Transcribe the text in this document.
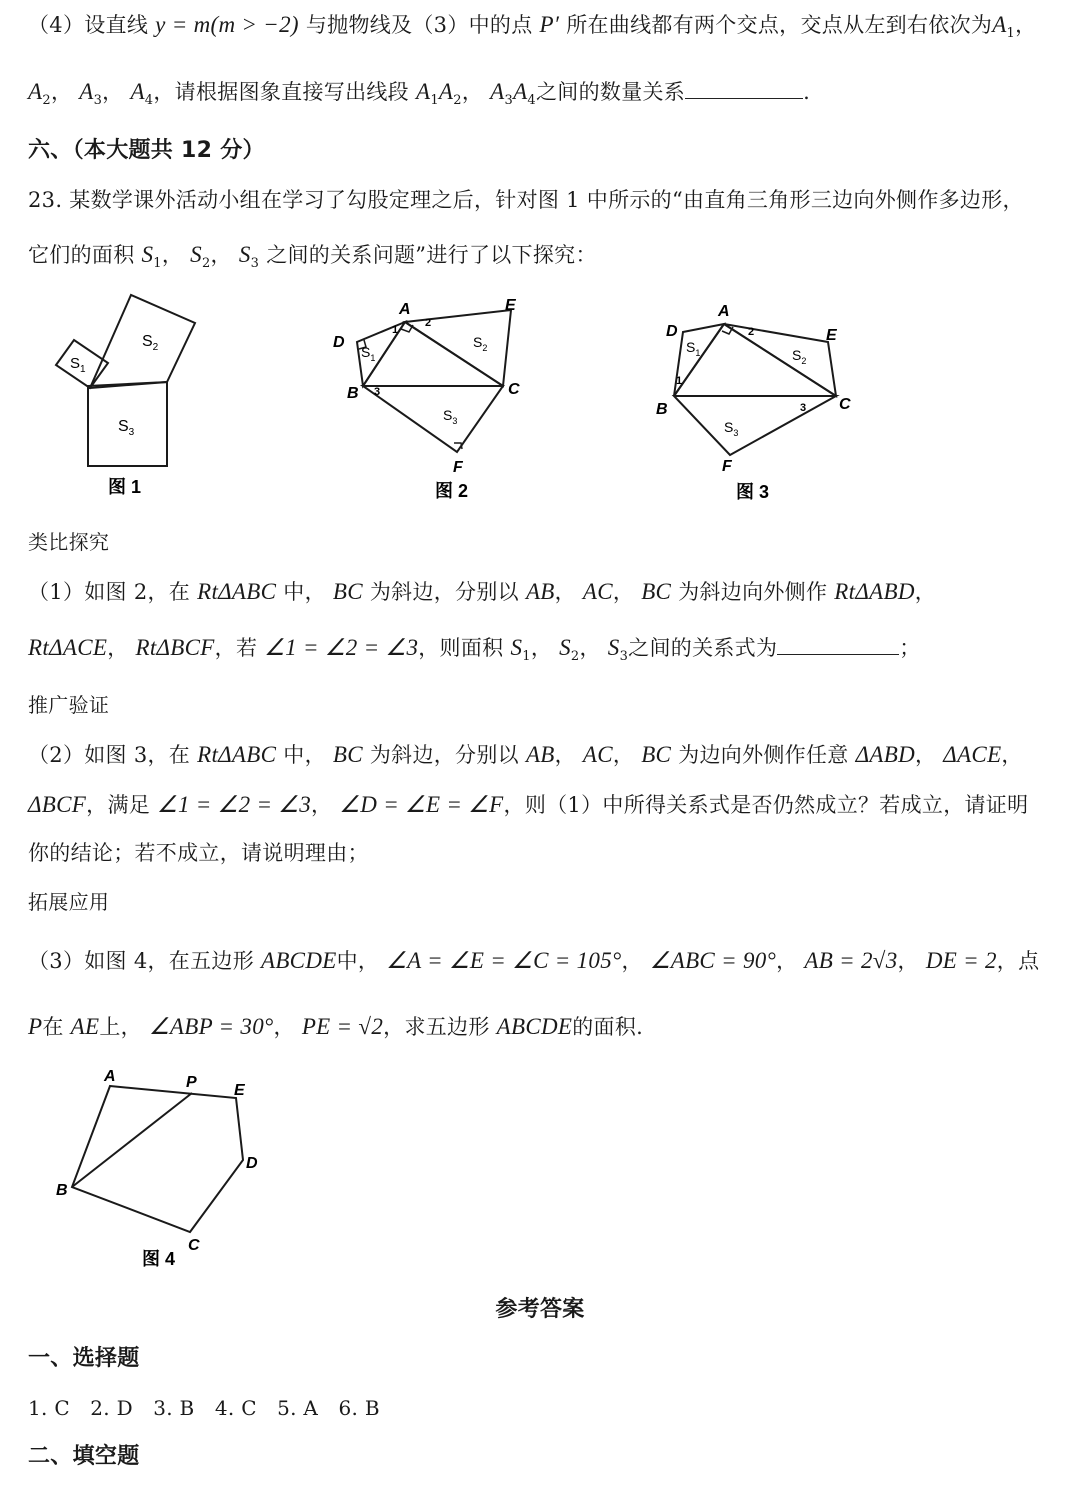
（4）设直线 y = m(m > −2) 与抛物线及（3）中的点 P′ 所在曲线都有两个交点，交点从左到右依次为$A_1$，
$A_2$， $A_3$， $A_4$，请根据图象直接写出线段 $A_1A_2$， $A_3A_4$之间的数量关系	.
六、（本大题共 12 分）
23. 某数学课外活动小组在学习了勾股定理之后，针对图 1 中所示的“由直角三角形三边向外侧作多边形，
它们的面积 $S_1$， $S_2$， $S_3$ 之间的关系问题”进行了以下探究：
$S_1$
$S_2$
$S_3$
图 1
A	E
D
B	C
F
1
2
3
$S_1$
$S_2$
$S_3$
图 2
A
D	E
B	C
F
1
2
3
$S_1$	$S_2$
$S_3$
图 3
类比探究
（1）如图 2，在 RtΔABC 中， BC 为斜边，分别以 AB， AC， BC 为斜边向外侧作 RtΔABD，
RtΔACE， RtΔBCF，若 ∠1 = ∠2 = ∠3，则面积 $S_1$， $S_2$， $S_3$之间的关系式为	；
推广验证
（2）如图 3，在 RtΔABC 中， BC 为斜边，分别以 AB， AC， BC 为边向外侧作任意 ΔABD， ΔACE，
ΔBCF，满足 ∠1 = ∠2 = ∠3， ∠D = ∠E = ∠F，则（1）中所得关系式是否仍然成立？若成立，请证明
你的结论；若不成立，请说明理由；
拓展应用
（3）如图 4，在五边形 ABCDE中， ∠A = ∠E = ∠C = 105°， ∠ABC = 90°， AB = 2√3， DE = 2，点
P在 AE上， ∠ABP = 30°， PE = √2，求五边形 ABCDE的面积.
A	P E
D
B
C
图 4
参考答案
一、选择题
1. C　2. D　3. B　4. C　5. A　6. B
二、填空题
